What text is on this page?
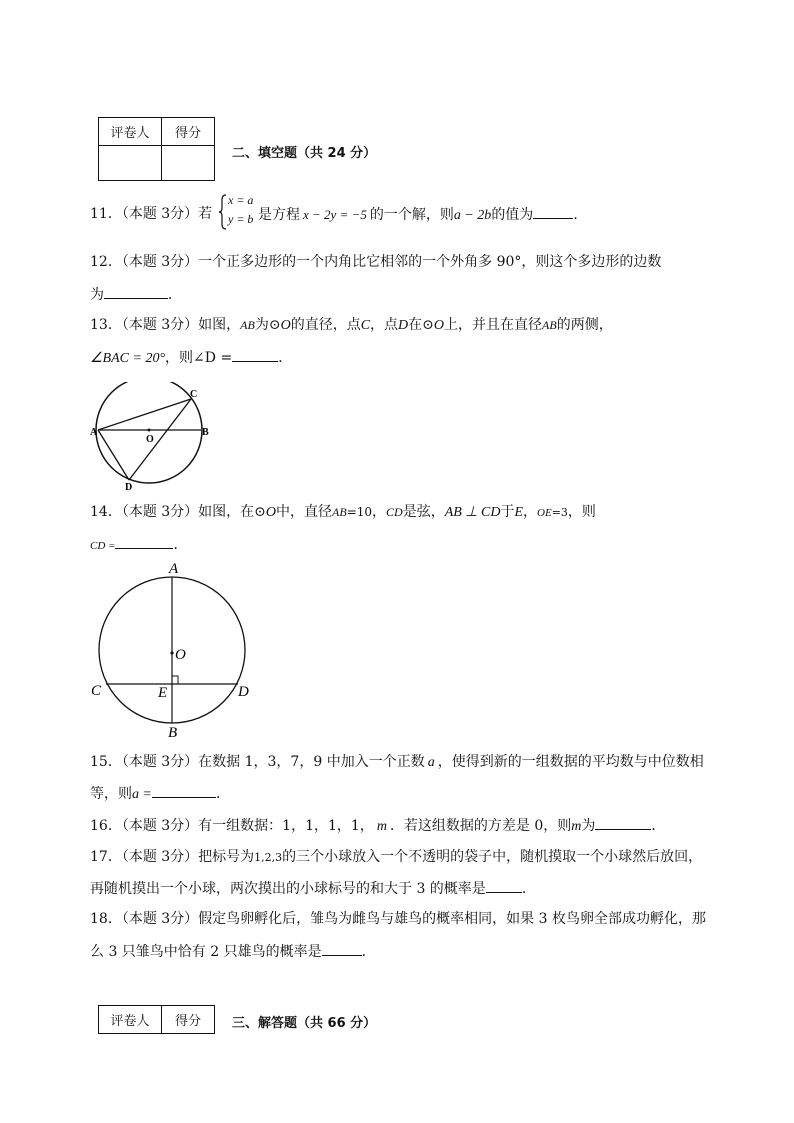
评卷人	得分

二、填空题（共 24 分）
11．（本题 3分）若
x = a
y = b 是方程 x − 2y = −5 的一个解，则a − 2b的值为	．
12．（本题 3分）一个正多边形的一个内角比它相邻的一个外角多 90°，则这个多边形的边数
为	．
13．（本题 3分）如图，AB为⊙O的直径，点C，点D在⊙O上，并且在直径AB的两侧，
∠BAC = 20°，则∠D =	．
A	B
C
D
O
14．（本题 3分）如图，在⊙O中，直径AB=10，CD是弦，AB ⊥ CD于E，OE=3，则
CD =	．
A
B
C	D
E
O
15．（本题 3分）在数据 1，3，7，9 中加入一个正数 a ，使得到新的一组数据的平均数与中位数相
等，则a =	．
16．（本题 3分）有一组数据：1，1，1，1， m ．若这组数据的方差是 0，则m为	．
17．（本题 3分）把标号为1,2,3的三个小球放入一个不透明的袋子中，随机摸取一个小球然后放回，
再随机摸出一个小球，两次摸出的小球标号的和大于 3 的概率是	．
18．（本题 3分）假定鸟卵孵化后，雏鸟为雌鸟与雄鸟的概率相同，如果 3 枚鸟卵全部成功孵化，那
么 3 只雏鸟中恰有 2 只雄鸟的概率是	．
评卷人	得分 三、解答题（共 66 分）
